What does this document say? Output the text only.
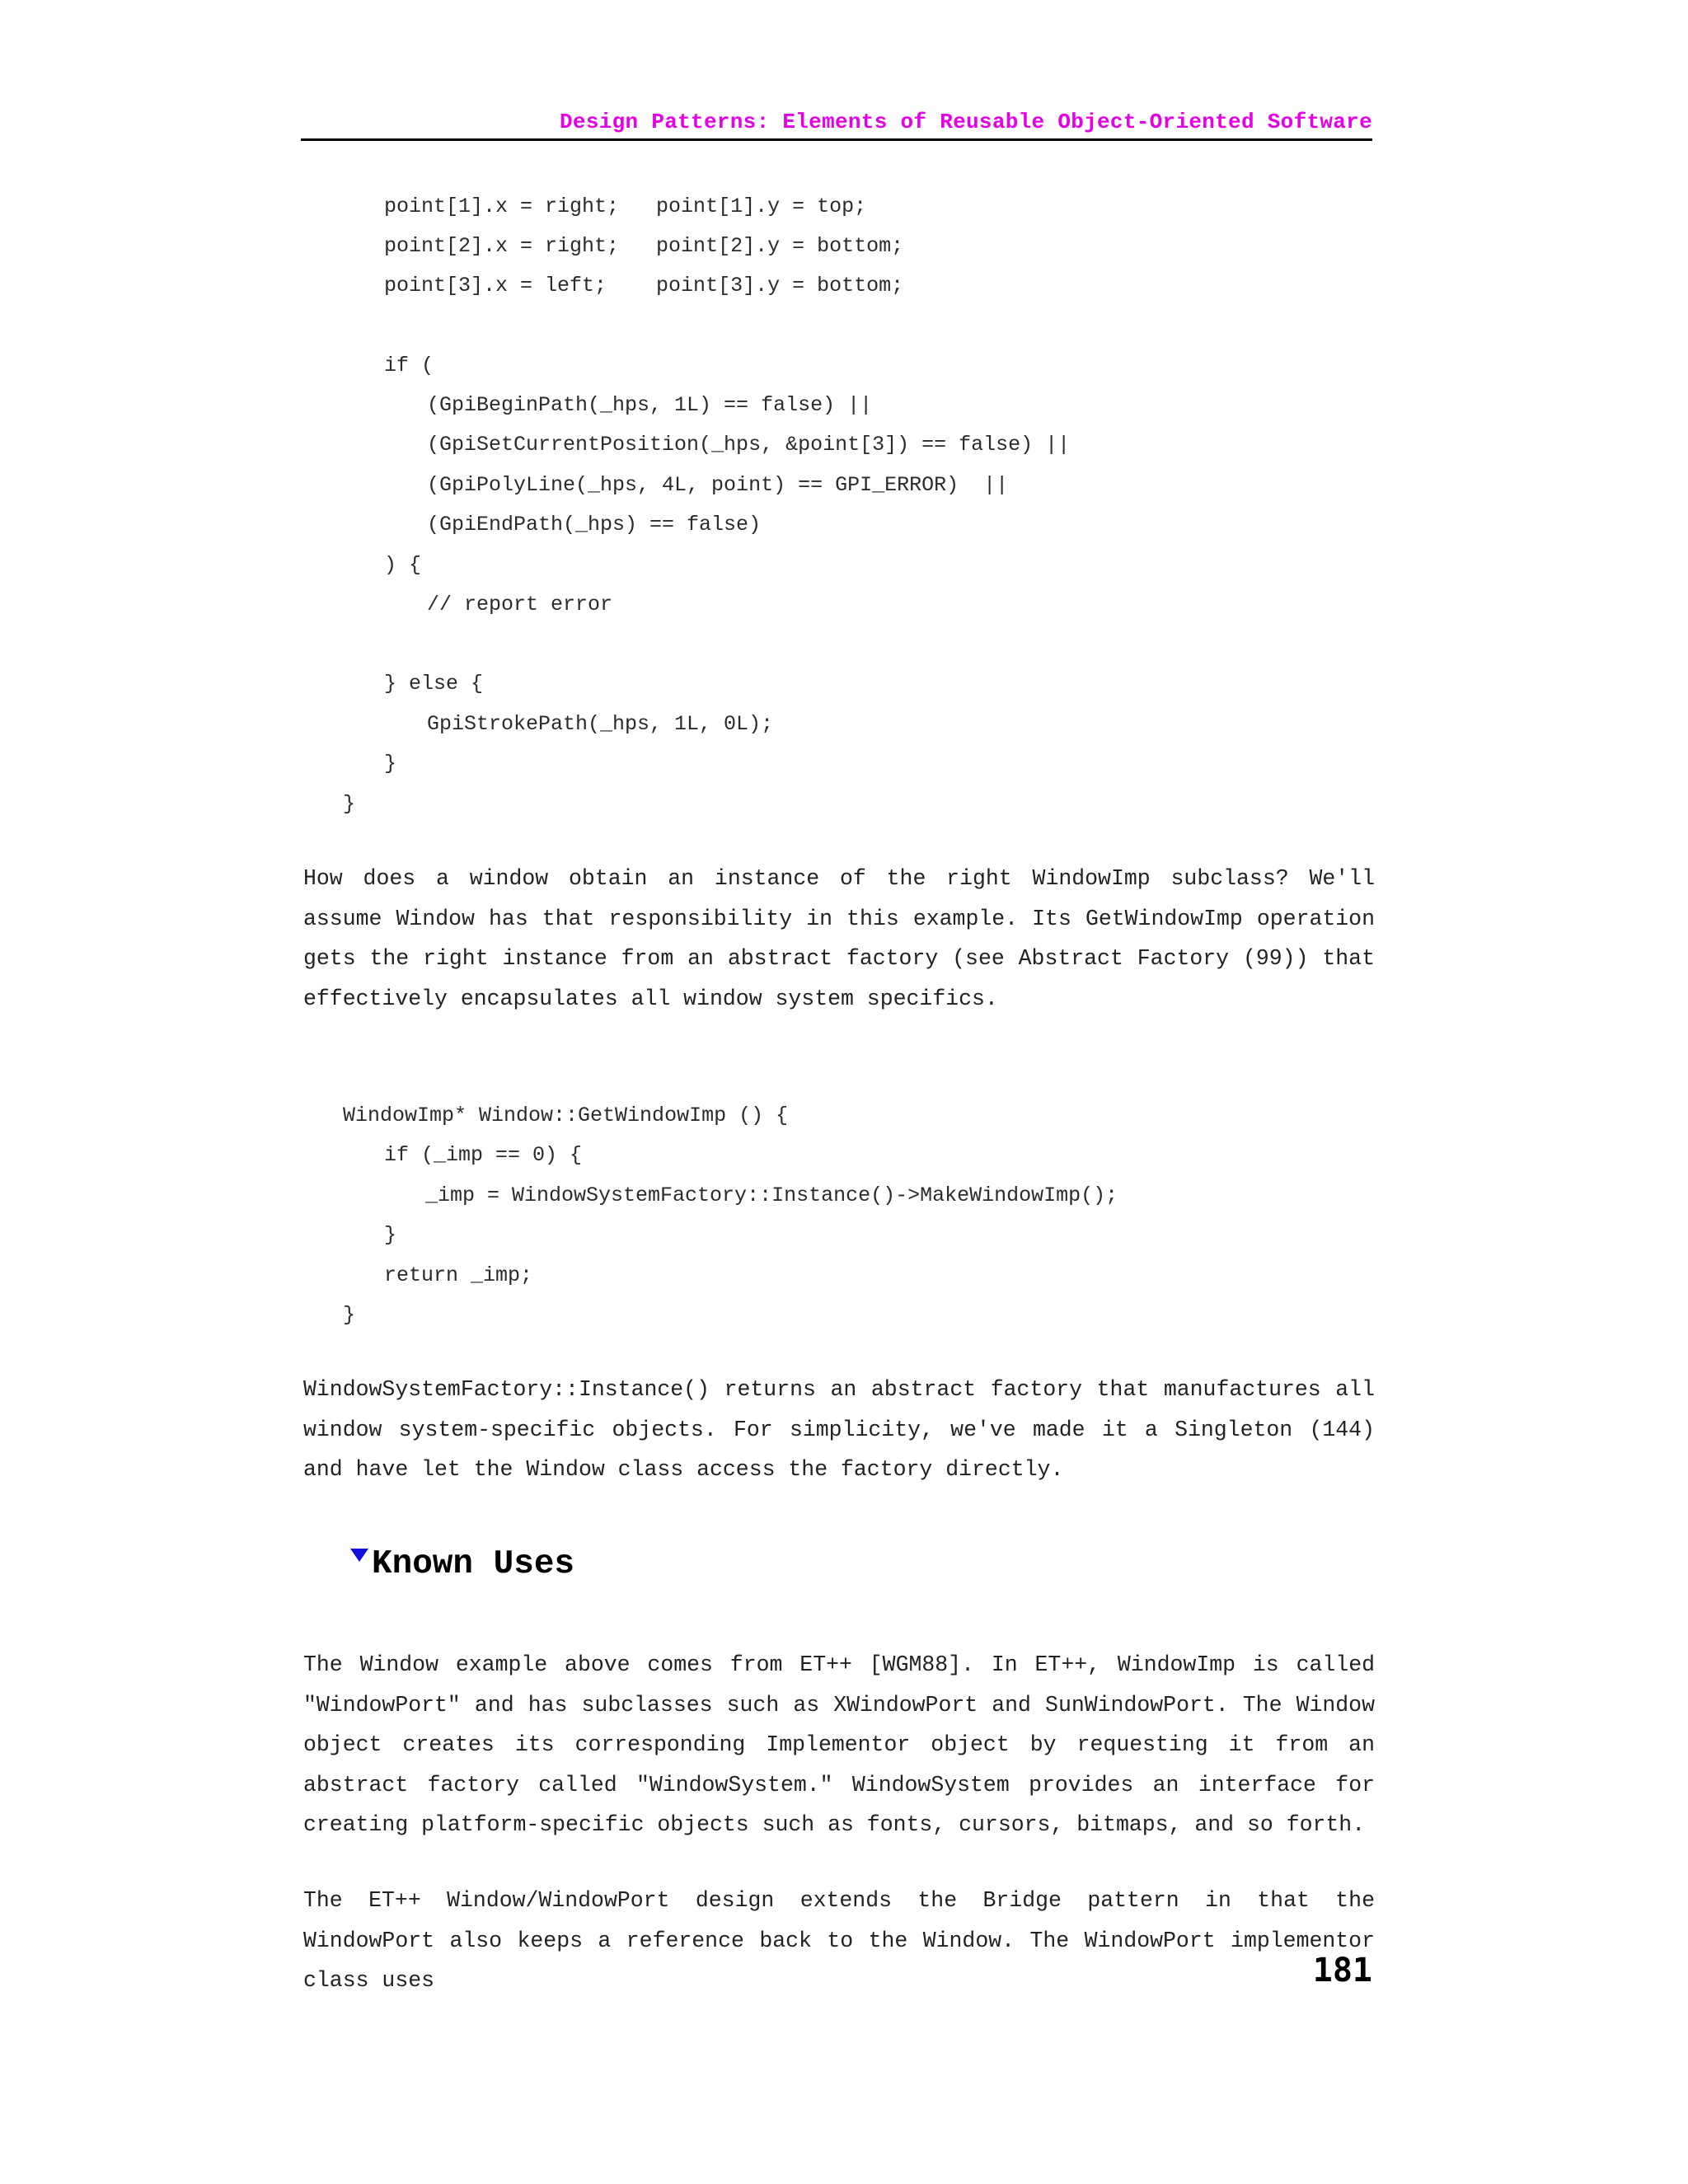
Design Patterns: Elements of Reusable Object-Oriented Software

point[1].x = right;   point[1].y = top;

point[2].x = right;   point[2].y = bottom;

point[3].x = left;    point[3].y = bottom;

if (

(GpiBeginPath(_hps, 1L) == false) ||

(GpiSetCurrentPosition(_hps, &point[3]) == false) ||

(GpiPolyLine(_hps, 4L, point) == GPI_ERROR)  ||

(GpiEndPath(_hps) == false)

) {

// report error

} else {

GpiStrokePath(_hps, 1L, 0L);

}

}

How does a window obtain an instance of the right WindowImp subclass? We'll assume Window has that responsibility in this example. Its GetWindowImp operation gets the right instance from an abstract factory (see Abstract Factory (99)) that effectively encapsulates all window system specifics.

WindowImp* Window::GetWindowImp () {

if (_imp == 0) {

_imp = WindowSystemFactory::Instance()->MakeWindowImp();

}

return _imp;

}

WindowSystemFactory::Instance() returns an abstract factory that manufactures all window system-specific objects. For simplicity, we've made it a Singleton (144) and have let the Window class access the factory directly.

Known Uses

The Window example above comes from ET++ [WGM88]. In ET++, WindowImp is called "WindowPort" and has subclasses such as XWindowPort and SunWindowPort. The Window object creates its corresponding Implementor object by requesting it from an abstract factory called "WindowSystem." WindowSystem provides an interface for creating platform-specific objects such as fonts, cursors, bitmaps, and so forth.

The ET++ Window/WindowPort design extends the Bridge pattern in that the WindowPort also keeps a reference back to the Window. The WindowPort implementor class uses	181
